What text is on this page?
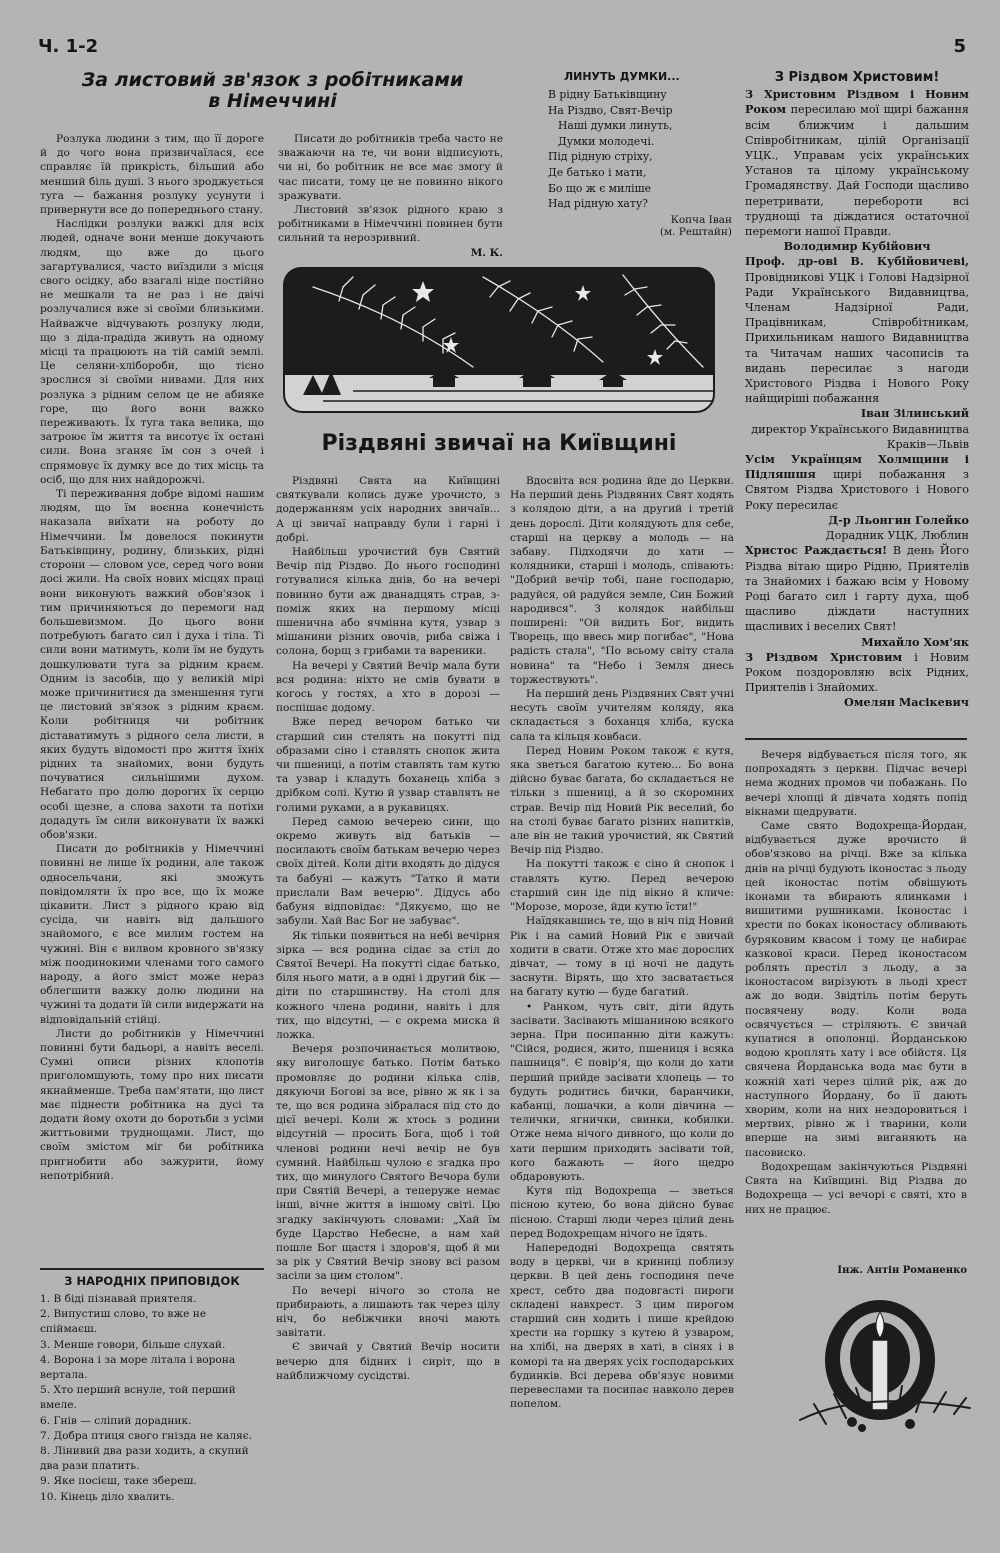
Ч. 1-2	5
За листовий зв'язок з робітниками
в Німеччині

Розлука людини з тим, що її дороге й до чого вона призвичаїлася, єсе справляє їй прикрість, більший або менший біль душі. З нього зроджується туга — бажання розлуку усунути і привернути все до попереднього стану.

Наслідки розлуки важкі для всіх людей, одначе вони менше докучають людям, що вже до цього загартувалися, часто виїздили з місця свого осідку, або взагалі ніде постійно не мешкали та не раз і не двічі розлучалися вже зі своїми близькими. Найважче відчувають розлуку люди, що з діда-прадіда живуть на одному місці та працюють на тій самій землі. Це селяни-хлібороби, що тісно зрослися зі своїми нивами. Для них розлука з рідним селом це не абияке горе, що його вони важко переживають. Їх туга така велика, що затроює їм життя та висотує їх остані сили. Вона зганяє їм сон з очей і спрямовує їх думку все до тих місць та осіб, що для них найдорожчі.

Ті переживання добре відомі нашим людям, що їм воєнна конечність наказала виїхати на роботу до Німеччини. Їм довелося покинути Батьківщину, родину, близьких, рідні сторони — словом усе, серед чого вони досі жили. На своїх нових місцях праці вони виконують важкий обов'язок і тим причиняються до перемоги над большевизмом. До цього вони потребують багато сил і духа і тіла. Ті сили вони матимуть, коли їм не будуть дошкулювати туга за рідним краєм. Одним із засобів, що у великій мірі може причинитися да зменшення туги це листовий зв'язок з рідним краєм. Коли робітниця чи робітник діставатимуть з рідного села листи, в яких будуть відомості про життя їхніх рідних та знайомих, вони будуть почуватися сильнішими духом. Небагато про долю дорогих їх серцю особі щезне, а слова захоти та потіхи додадуть їм сили виконувати їх важкі обов'язки.

Писати до робітників у Німеччині повинні не лише їх родини, але також односельчани, які зможуть повідомляти їх про все, що їх може цікавити. Лист з рідного краю від сусіда, чи навіть від дальшого знайомого, є все милим гостем на чужині. Він є вилвом кровного зв'язку між поодинокими членами того самого народу, а його зміст може нераз облегшити важку долю людини на чужині та додати їй сили видержати на відповідальній стійці.

Листи до робітників у Німеччині повинні бути бадьорі, а навіть веселі. Сумні описи різних клопотів приголомшують, тому про них писати якнайменше. Треба пам'ятати, що лист має піднести робітника на дусі та додати йому охоти до боротьби з усіми життьовими труднощами. Лист, що своїм змістом міг би робітника пригнобити або зажурити, йому непотрібний.

Писати до робітників треба часто не зважаючи на те, чи вони відписують, чи ні, бо робітник не все має змогу й час писати, тому це не повинно нікого зражувати.

Листовий зв'язок рідного краю з робітниками в Німеччині повинен бути сильний та нерозривний.

М. К.
З НАРОДНІХ ПРИПОВІДОК
1. В біді пізнавай приятеля.
2. Випустиш слово, то вже не спіймаєш.
3. Менше говори, більше слухай.
4. Ворона і за море літала і ворона вертала.
5. Хто перший вснуле, той перший вмеле.
6. Гнів — сліпий дорадник.
7. Добра птиця свого гнізда не каляє.
8. Лінивий два рази ходить, а скупий два рази платить.
9. Яке посієш, таке збереш.
10. Кінець діло хвалить.
ЛИНУТЬ ДУМКИ...
В рідну Батьківщину
На Різдво, Свят-Вечір
Наші думки линуть,
Думки молодечі.
Під рідную стріху,
Де батько і мати,
Бо що ж є миліше
Над рідную хату?
Копча Іван
(м. Рештайн)
Різдвяні звичаї на Київщині

Різдвяні Свята на Київщині святкували колись дуже урочисто, з додержанням усіх народних звичаїв... А ці звичаї направду були і гарні і добрі.

Найбільш урочистий був Святий Вечір під Різдво. До нього господині готувалися кілька днів, бо на вечері повинно бути аж дванадцять страв, з-поміж яких на першому місці пшенична або ячмінна кутя, узвар з мішанини різних овочів, риба свіжа і солона, борщ з грибами та вареники.

На вечері у Святий Вечір мала бути вся родина: ніхто не смів бувати в когось у гостях, а хто в дорозі — поспішає додому.

Вже перед вечором батько чи старший син стелять на покутті під образами сіно і ставлять снопок жита чи пшениці, а потім ставлять там кутю та узвар і кладуть боханець хліба з дрібком солі. Кутю й узвар ставлять не голими руками, а в рукавицях.

Перед самою вечерею сини, що окремо живуть від батьків — посилають своїм батькам вечерю через своїх дітей. Коли діти входять до дідуся та бабуні — кажуть "Татко й мати прислали Вам вечерю". Дідусь або бабуня відповідає: "Дякуємо, що не забули. Хай Вас Бог не забуває".

Як тільки появиться на небі вечірня зірка — вся родина сідає за стіл до Святої Вечері. На покутті сідає батько, біля нього мати, а в одні і другий бік — діти по старшинству. На столі для кожного члена родини, навіть і для тих, що відсутні, — є окрема миска й ложка.

Вечеря розпочинається молитвою, яку виголошує батько. Потім батько промовляє до родини кілька слів, дякуючи Богові за все, рівно ж як і за те, що вся родина зібралася під сто до цієї вечері. Коли ж хтось з родини відсутній — просить Бога, щоб і той членові родини нечі вечір не був сумний. Найбільш чулою є згадка про тих, що минулого Святого Вечора були при Святій Вечері, а теперуже немає інші, вічне життя в іншому світі. Цю згадку закінчують словами: „Хай їм буде Царство Небесне, а нам хай пошле Бог щастя і здоров'я, щоб й ми за рік у Святий Вечір знову всі разом засіли за цим столом".

По вечері нічого зо стола не прибирають, а лишають так через цілу ніч, бо небіжчики вночі мають завітати.

Є звичай у Святий Вечір носити вечерю для бідних і сиріт, що в найближчому сусідстві.

Вдосвіта вся родина йде до Церкви. На перший день Різдвяних Свят ходять з колядою діти, а на другий і третій день дорослі. Діти колядують для себе, старші на церкву а молодь — на забаву. Підходячи до хати — колядники, старші і молодь, співають: "Добрий вечір тобі, пане господарю, радуйся, ой радуйся земле, Син Божий народився". З колядок найбільш поширені: "Ой видить Бог, видить Творець, що ввесь мир погибає", "Нова радість стала", "По всьому світу стала новина" та "Небо і Земля днесь торжествують".

На перший день Різдвяних Свят учні несуть своїм учителям коляду, яка складається з боханця хліба, куска сала та кільця ковбаси.

Перед Новим Роком також є кутя, яка зветься багатою кутею... Бо вона дійсно буває багата, бо складається не тільки з пшениці, а й зо скоромних страв. Вечір під Новий Рік веселий, бо на столі буває багато різних напитків, але він не такий урочистий, як Святий Вечір під Різдво.

На покутті також є сіно й снопок і ставлять кутю. Перед вечерою старший син іде під вікно й кличе: "Морозе, морозе, йди кутю їсти!"

Наїдякавшись те, що в ніч під Новий Рік і на самий Новий Рік є звичай ходити в свати. Отже хто має дорослих дівчат, — тому в ці ночі не дадуть заснути. Вірять, що хто засватається на багату кутю — буде багатий.

• Ранком, чуть світ, діти йдуть засівати. Засівають мішаниною всякого зерна. При посипанню діти кажуть: "Сійся, родися, жито, пшениця і всяка пашниця". Є повір'я, що коли до хати перший прийде засівати хлопець — то будуть родитись бички, баранчики, кабанці, лошачки, а коли дівчина — телички, ягнички, свинки, кобилки. Отже нема нічого дивного, що коли до хати першим приходить засівати той, кого бажають — його щедро обдаровують.

Кутя під Водохреща — зветься пісною кутею, бо вона дійсно буває пісною. Старші люди через цілий день перед Водохрещам нічого не їдять.

Напередодні Водохреща святять воду в церкві, чи в криниці поблизу церкви. В цей день господиня пече хрест, себто два подовгасті пироги складені навхрест. З цим пирогом старший син ходить і пише крейдою хрести на горшку з кутею й узваром, на хлібі, на дверях в хаті, в сінях і в коморі та на дверях усіх господарських будинків. Всі дерева обв'язує новими перевеслами та посипає навколо дерев попелом.

Вечеря відбувається після того, як попрохадять з церкви. Підчас вечері нема жодних промов чи побажань. По вечері хлопці й дівчата ходять попід вікнами щедрувати.

Саме свято Водохреща-Йордан, відбувається дуже врочисто й обов'язково на річці. Вже за кілька днів на річці будують іконостас з льоду цей іконостас потім обвішують іконами та вбирають ялинками і вишитими рушниками. Іконостас і хрести по боках іконостасу обливають буряковим квасом і тому це набирає казкової краси. Перед іконостасом роблять престіл з льоду, а за іконостасом вирізують в льоді хрест аж до води. Звідтіль потім беруть посвячену воду. Коли вода освячується — стріляють. Є звичай купатися в ополонці. Йорданською водою кроплять хату і все обійстя. Ця свячена Йорданська вода має бути в кожній хаті через цілий рік, аж до наступного Йордану, бо її дають хворим, коли на них нездоровиться і мертвих, рівно ж і тварини, коли вперше на зимі виганяють на пасовиско.

Водохрещам закінчуються Різдвяні Свята на Київщині. Від Різдва до Водохреща — усі вечорі є святі, хто в них не працює.

Інж. Антін Романенко
З Різдвом Христовим!

З Христовим Різдвом і Новим Роком пересилаю мої щирі бажання всім ближчим і дальшим Співробітникам, цілій Організації УЦК., Управам усіх українських Установ та цілому українському Громадянству. Дай Господи щасливо перетривати, перебороти всі труднощі та діждатися остаточної перемоги нашої Правди.

Володимир Кубійович

Проф. др-ові В. Кубійовичеві, Провідникові УЦК і Голові Надзірної Ради Українського Видавництва, Членам Надзірної Ради, Працівникам, Співробітникам, Прихильникам нашого Видавництва та Читачам наших часописів та видань пересилає з нагоди Христового Різдва і Нового Року найщиріші побажання

Іван Зілинський
директор Українського Видавництва Краків—Львів

Усім Українцям Холмщини і Підляшшя щирі побажання з Святом Різдва Христового і Нового Року пересилає

Д-р Льонгин Голейко
Дорадник УЦК, Люблин

Христос Раждається! В день Його Різдва вітаю щиро Рідню, Приятелів та Знайомих і бажаю всім у Новому Році багато сил і гарту духа, щоб щасливо діждати наступних щасливих і веселих Свят!

Михайло Хом'як

З Різдвом Христовим і Новим Роком поздоровляю всіх Рідних, Приятелів і Знайомих.

Омелян Масікевич
